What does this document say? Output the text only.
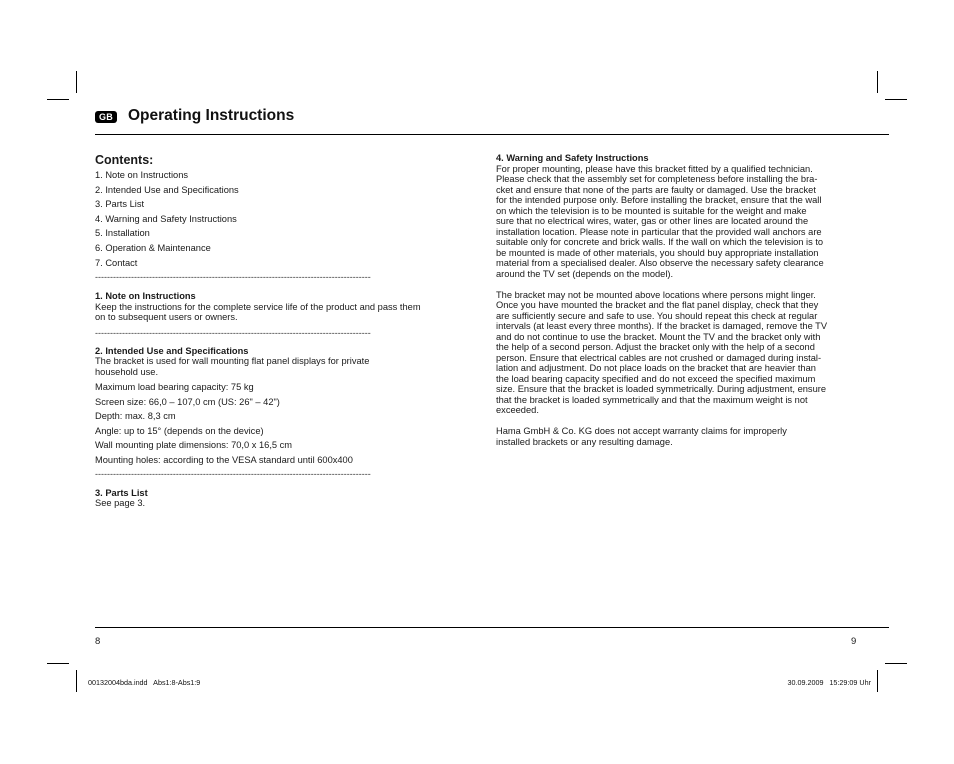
GB Operating Instructions
Contents:
1. Note on Instructions
2. Intended Use and Specifications
3. Parts List
4. Warning and Safety Instructions
5. Installation
6. Operation & Maintenance
7. Contact
--------------------------------------------------------------------------------------------

1. Note on Instructions

Keep the instructions for the complete service life of the product and pass them

on to subsequent users or owners.

--------------------------------------------------------------------------------------------

2. Intended Use and Specifications

The bracket is used for wall mounting flat panel displays for private

household use.

Maximum load bearing capacity: 75 kg

Screen size: 66,0 – 107,0 cm (US: 26" – 42")

Depth: max. 8,3 cm

Angle: up to 15° (depends on the device)

Wall mounting plate dimensions: 70,0 x 16,5 cm

Mounting holes: according to the VESA standard until 600x400

--------------------------------------------------------------------------------------------

3. Parts List

See page 3.

4. Warning and Safety Instructions

For proper mounting, please have this bracket fitted by a qualified technician.

Please check that the assembly set for completeness before installing the bra-

cket and ensure that none of the parts are faulty or damaged. Use the bracket

for the intended purpose only. Before installing the bracket, ensure that the wall

on which the television is to be mounted is suitable for the weight and make

sure that no electrical wires, water, gas or other lines are located around the

installation location. Please note in particular that the provided wall anchors are

suitable only for concrete and brick walls. If the wall on which the television is to

be mounted is made of other materials, you should buy appropriate installation

material from a specialised dealer. Also observe the necessary safety clearance

around the TV set (depends on the model).

The bracket may not be mounted above locations where persons might linger.

Once you have mounted the bracket and the flat panel display, check that they

are sufficiently secure and safe to use. You should repeat this check at regular

intervals (at least every three months). If the bracket is damaged, remove the TV

and do not continue to use the bracket. Mount the TV and the bracket only with

the help of a second person. Adjust the bracket only with the help of a second

person. Ensure that electrical cables are not crushed or damaged during instal-

lation and adjustment. Do not place loads on the bracket that are heavier than

the load bearing capacity specified and do not exceed the specified maximum

size. Ensure that the bracket is loaded symmetrically. During adjustment, ensure

that the bracket is loaded symmetrically and that the maximum weight is not

exceeded.

Hama GmbH & Co. KG does not accept warranty claims for improperly

installed brackets or any resulting damage.

8	9
00132004bda.indd   Abs1:8-Abs1:9	30.09.2009   15:29:09 Uhr
